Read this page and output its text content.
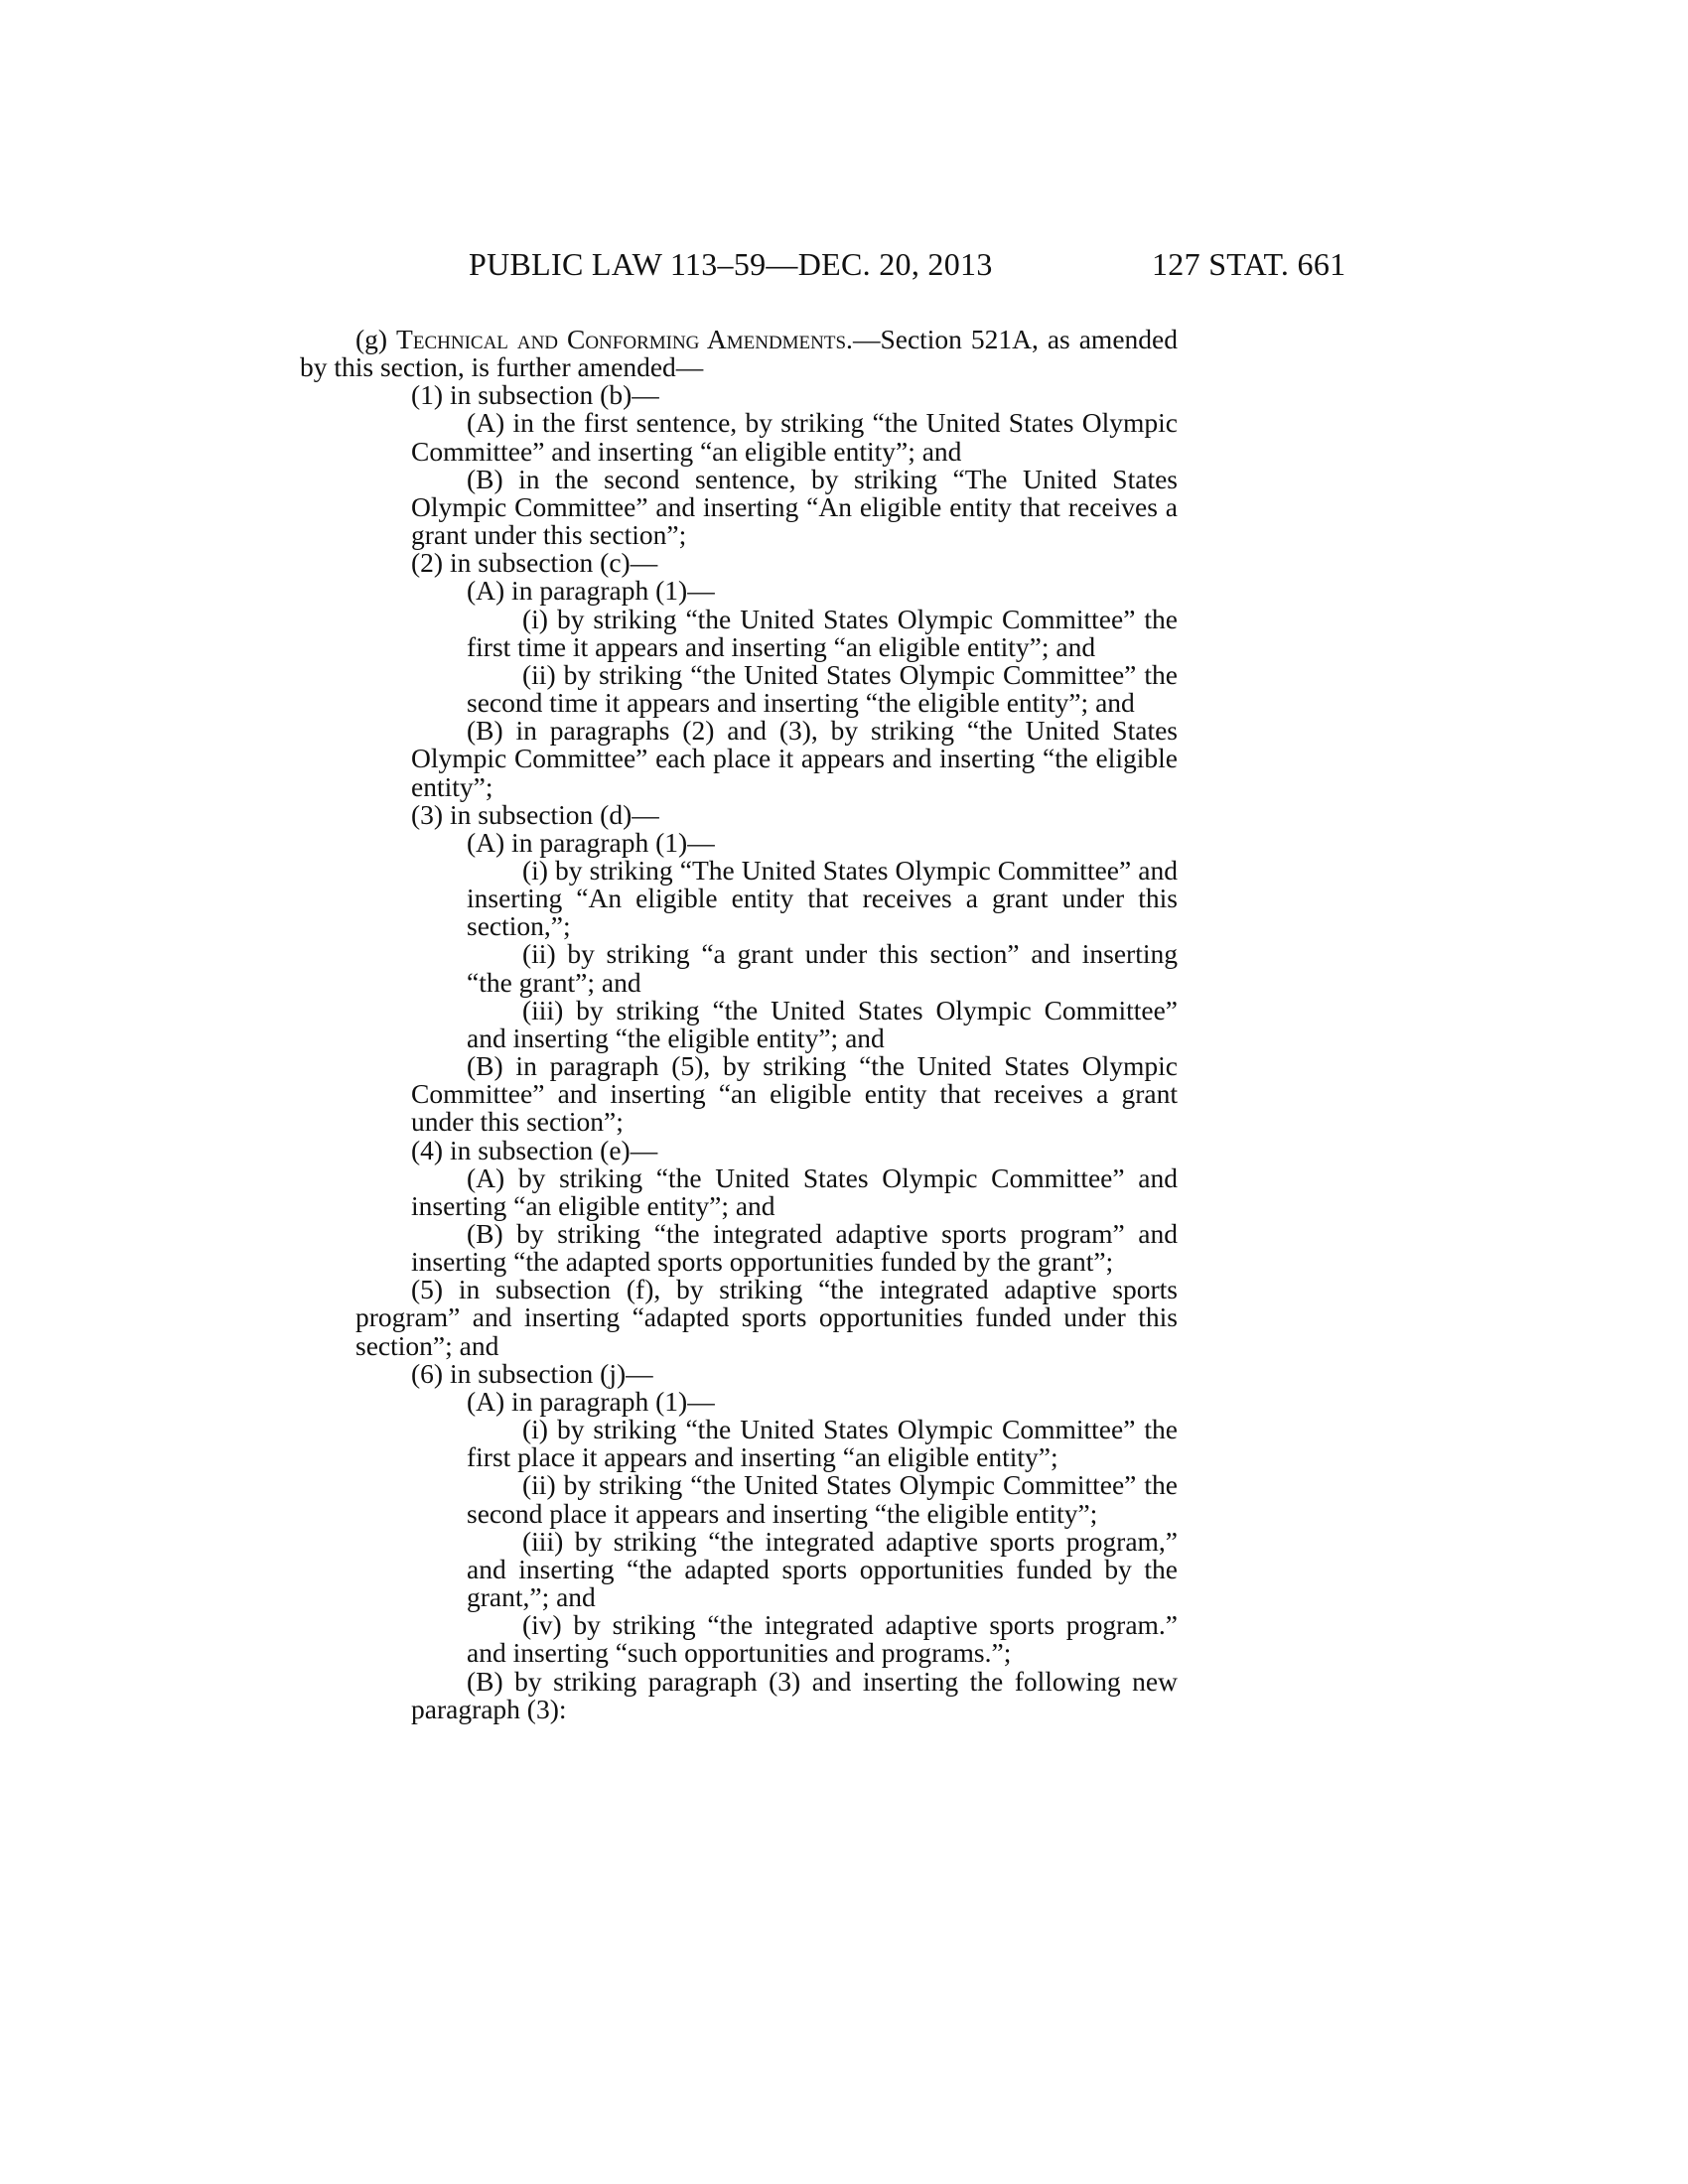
PUBLIC LAW 113–59—DEC. 20, 2013	127 STAT. 661

(g) Technical and Conforming Amendments.—Section 521A, as amended by this section, is further amended—

(1) in subsection (b)—

(A) in the first sentence, by striking “the United States Olympic Committee” and inserting “an eligible entity”; and

(B) in the second sentence, by striking “The United States Olympic Committee” and inserting “An eligible entity that receives a grant under this section”;

(2) in subsection (c)—

(A) in paragraph (1)—

(i) by striking “the United States Olympic Committee” the first time it appears and inserting “an eligible entity”; and

(ii) by striking “the United States Olympic Committee” the second time it appears and inserting “the eligible entity”; and

(B) in paragraphs (2) and (3), by striking “the United States Olympic Committee” each place it appears and inserting “the eligible entity”;

(3) in subsection (d)—

(A) in paragraph (1)—

(i) by striking “The United States Olympic Committee” and inserting “An eligible entity that receives a grant under this section,”;

(ii) by striking “a grant under this section” and inserting “the grant”; and

(iii) by striking “the United States Olympic Committee” and inserting “the eligible entity”; and

(B) in paragraph (5), by striking “the United States Olympic Committee” and inserting “an eligible entity that receives a grant under this section”;

(4) in subsection (e)—

(A) by striking “the United States Olympic Committee” and inserting “an eligible entity”; and

(B) by striking “the integrated adaptive sports program” and inserting “the adapted sports opportunities funded by the grant”;

(5) in subsection (f), by striking “the integrated adaptive sports program” and inserting “adapted sports opportunities funded under this section”; and

(6) in subsection (j)—

(A) in paragraph (1)—

(i) by striking “the United States Olympic Committee” the first place it appears and inserting “an eligible entity”;

(ii) by striking “the United States Olympic Committee” the second place it appears and inserting “the eligible entity”;

(iii) by striking “the integrated adaptive sports program,” and inserting “the adapted sports opportunities funded by the grant,”; and

(iv) by striking “the integrated adaptive sports program.” and inserting “such opportunities and programs.”;

(B) by striking paragraph (3) and inserting the following new paragraph (3):
